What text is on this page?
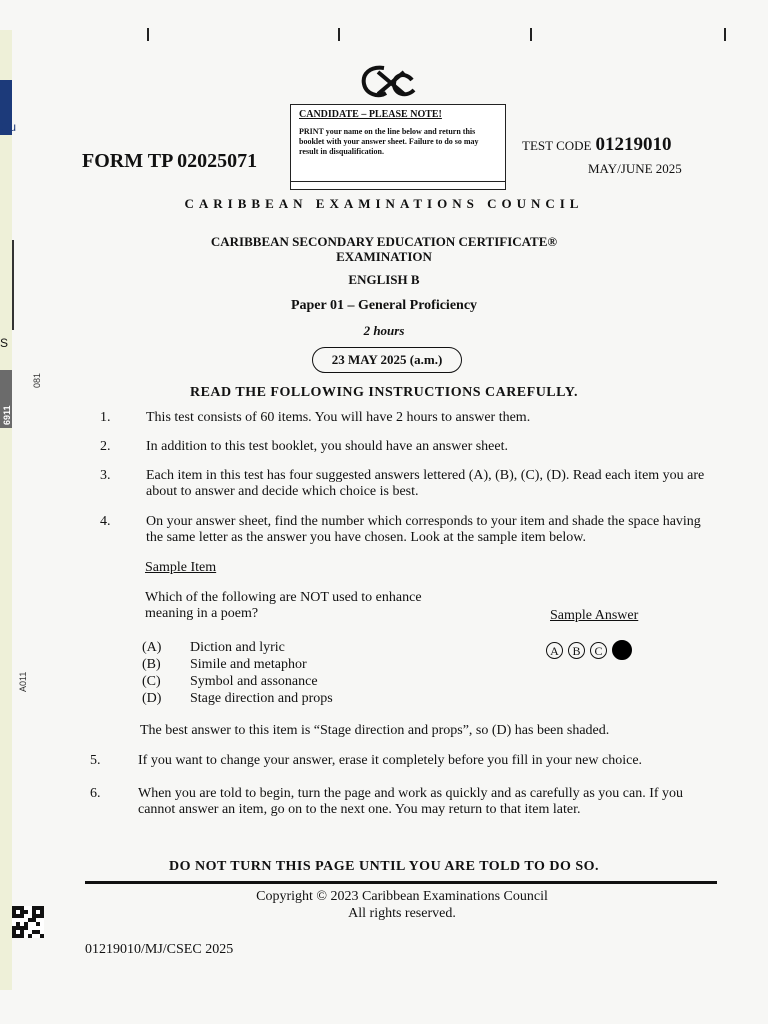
Qu
S
6911
081
A011
CANDIDATE – PLEASE NOTE!
PRINT your name on the line below and return this booklet with your answer sheet. Failure to do so may result in disqualification.
FORM TP 02025071
TEST CODE 01219010
MAY/JUNE 2025
CARIBBEAN EXAMINATIONS COUNCIL
CARIBBEAN SECONDARY EDUCATION CERTIFICATE®
EXAMINATION
ENGLISH B
Paper 01 – General Proficiency
2 hours
23 MAY 2025 (a.m.)
READ THE FOLLOWING INSTRUCTIONS CAREFULLY.
1.	This test consists of 60 items. You will have 2 hours to answer them.
2.	In addition to this test booklet, you should have an answer sheet.
3.	Each item in this test has four suggested answers lettered (A), (B), (C), (D). Read each item you are about to answer and decide which choice is best.
4.	On your answer sheet, find the number which corresponds to your item and shade the space having the same letter as the answer you have chosen. Look at the sample item below.
Sample Item
Which of the following are NOT used to enhance
meaning in a poem?	Sample Answer
(A) Diction and lyric
(B) Simile and metaphor
(C) Symbol and assonance
(D) Stage direction and props
A B C
The best answer to this item is “Stage direction and props”, so (D) has been shaded.
5.	If you want to change your answer, erase it completely before you fill in your new choice.
6.	When you are told to begin, turn the page and work as quickly and as carefully as you can. If you cannot answer an item, go on to the next one. You may return to that item later.
DO NOT TURN THIS PAGE UNTIL YOU ARE TOLD TO DO SO.
Copyright © 2023 Caribbean Examinations Council
All rights reserved.
01219010/MJ/CSEC 2025
